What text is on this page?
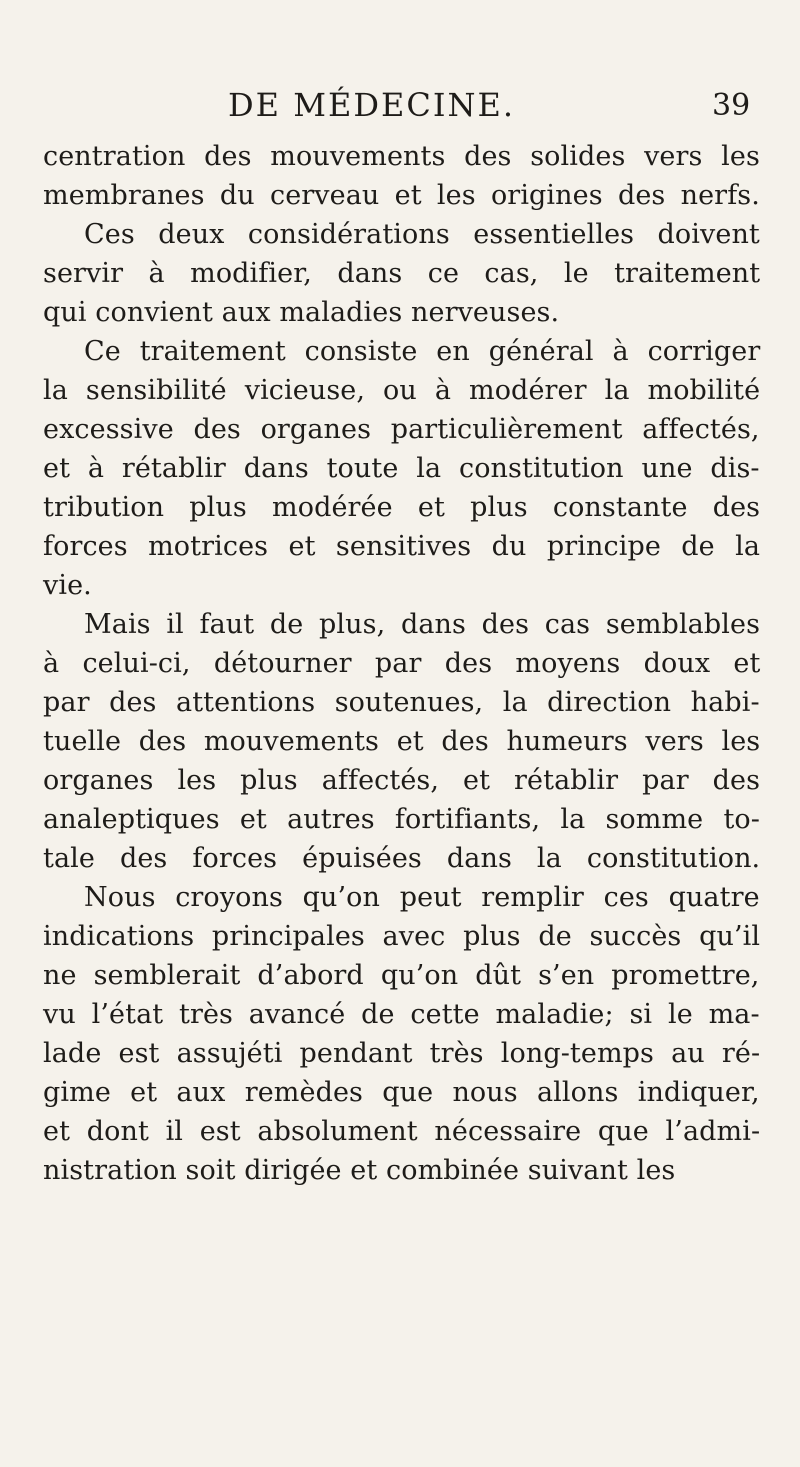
DE MÉDECINE.	39
centration des mouvements des solides vers les
membranes du cerveau et les origines des nerfs.
Ces deux considérations essentielles doivent
servir à modifier, dans ce cas, le traitement
qui convient aux maladies nerveuses.
Ce traitement consiste en général à corriger
la sensibilité vicieuse, ou à modérer la mobilité
excessive des organes particulièrement affectés,
et à rétablir dans toute la constitution une dis-
tribution plus modérée et plus constante des
forces motrices et sensitives du principe de la
vie.
Mais il faut de plus, dans des cas semblables
à celui-ci, détourner par des moyens doux et
par des attentions soutenues, la direction habi-
tuelle des mouvements et des humeurs vers les
organes les plus affectés, et rétablir par des
analeptiques et autres fortifiants, la somme to-
tale des forces épuisées dans la constitution.
Nous croyons qu’on peut remplir ces quatre
indications principales avec plus de succès qu’il
ne semblerait d’abord qu’on dût s’en promettre,
vu l’état très avancé de cette maladie; si le ma-
lade est assujéti pendant très long-temps au ré-
gime et aux remèdes que nous allons indiquer,
et dont il est absolument nécessaire que l’admi-
nistration soit dirigée et combinée suivant les
